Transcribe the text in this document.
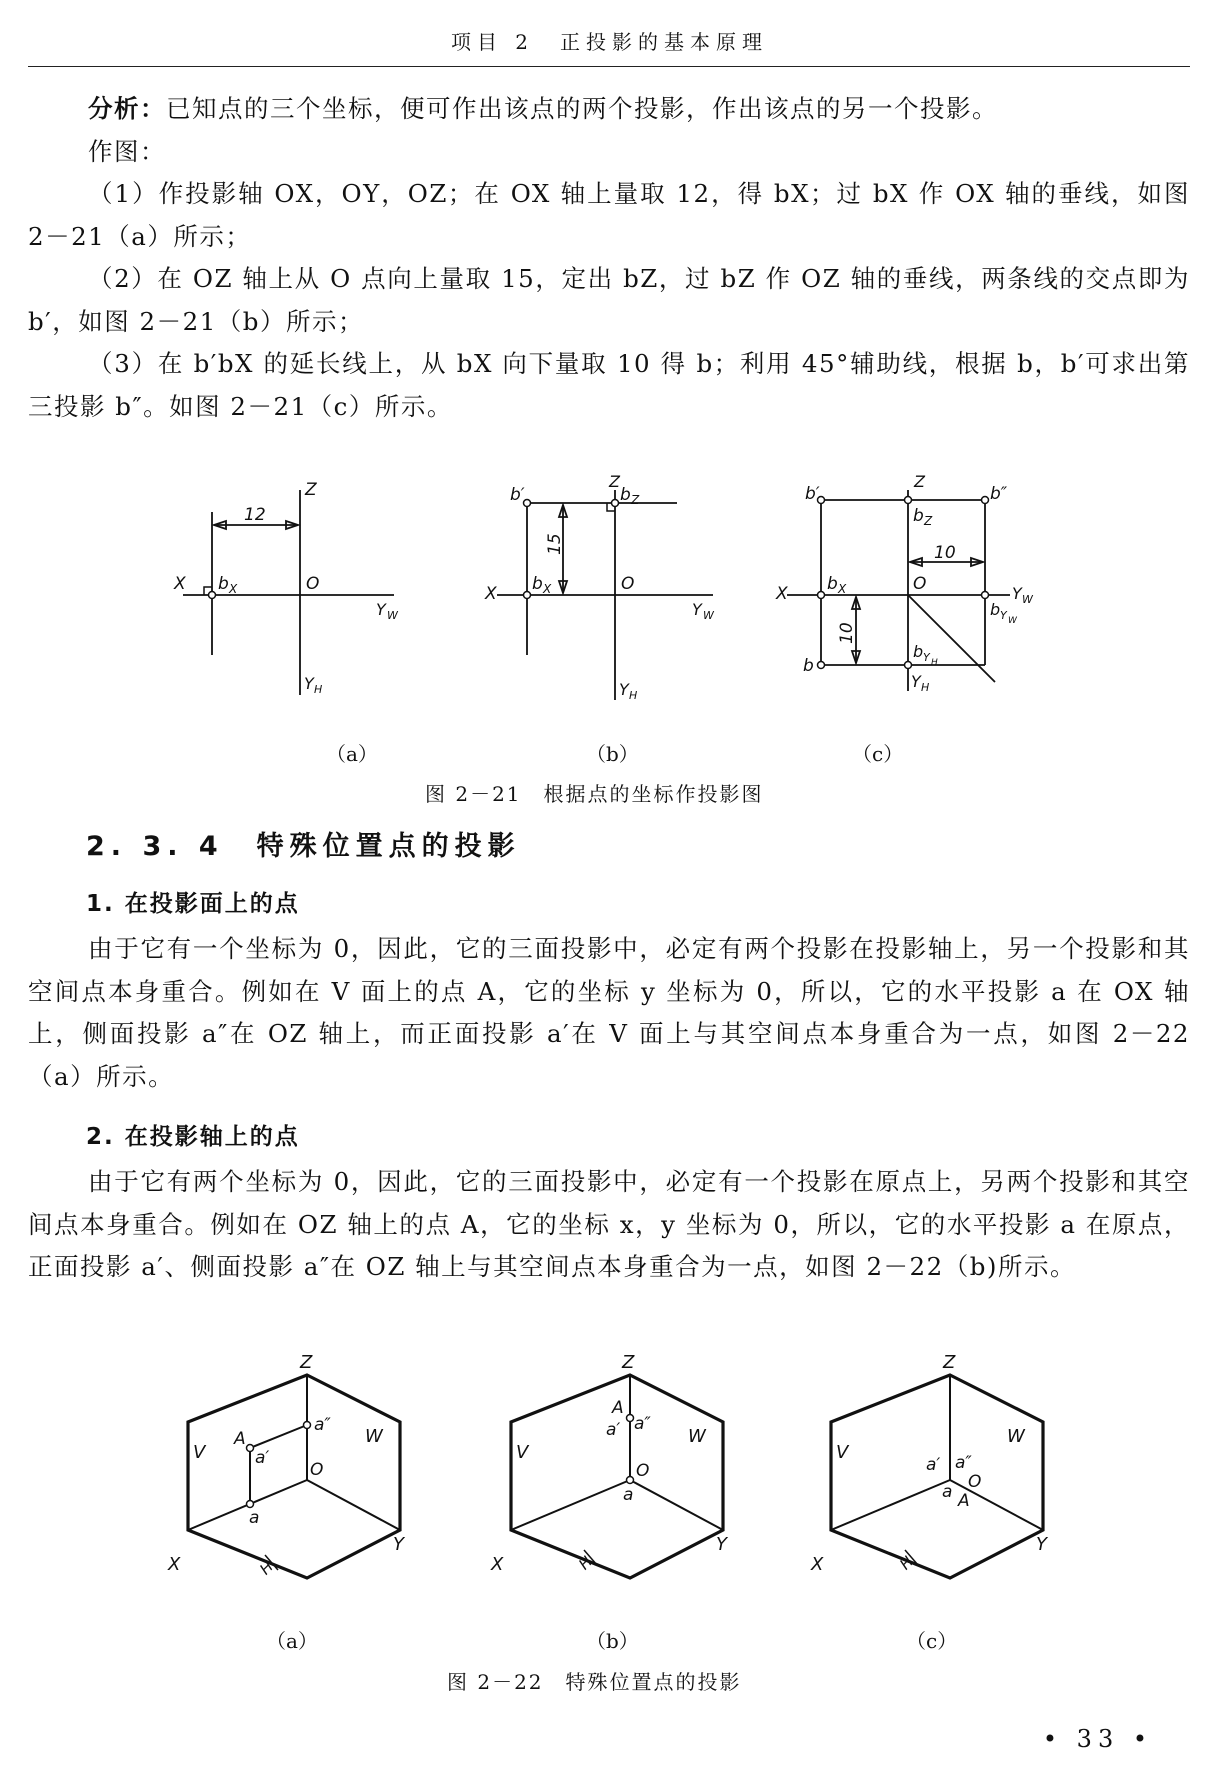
项目 2　正投影的基本原理

分析：已知点的三个坐标，便可作出该点的两个投影，作出该点的另一个投影。

作图：

（1）作投影轴 OX，OY，OZ；在 OX 轴上量取 12，得 bX；过 bX 作 OX 轴的垂线，如图 2－21（a）所示；

（2）在 OZ 轴上从 O 点向上量取 15，定出 bZ，过 bZ 作 OZ 轴的垂线，两条线的交点即为 b′，如图 2－21（b）所示；

（3）在 b′bX 的延长线上，从 bX 向下量取 10 得 b；利用 45°辅助线，根据 b，b′可求出第三投影 b″。如图 2－21（c）所示。

12
Z
X b X	O
Y W
Y H
15
Z
b Z
b′
X b X	O
Y W
Y H
10
10
Z
b′
b Z
b″
X b X	O	Y W
b Y W
b
b Y H
Y H
（a）	（b）	（c）
图 2－21　根据点的坐标作投影图
2. 3. 4　特殊位置点的投影
1. 在投影面上的点

由于它有一个坐标为 0，因此，它的三面投影中，必定有两个投影在投影轴上，另一个投影和其空间点本身重合。例如在 V 面上的点 A，它的坐标 y 坐标为 0，所以，它的水平投影 a 在 OX 轴上，侧面投影 a″在 OZ 轴上，而正面投影 a′在 V 面上与其空间点本身重合为一点，如图 2－22（a）所示。

2. 在投影轴上的点

由于它有两个坐标为 0，因此，它的三面投影中，必定有一个投影在原点上，另两个投影和其空间点本身重合。例如在 OZ 轴上的点 A，它的坐标 x，y 坐标为 0，所以，它的水平投影 a 在原点，正面投影 a′、侧面投影 a″在 OZ 轴上与其空间点本身重合为一点，如图 2－22（b)所示。

Z
V
W
A
a′
a″
O
a
X
Y
H
Z
V
W
A
a′ a″
O
a
X
Y
H
Z
V
W
a′ a″
O
a A
X
Y
H
（a）	（b）	（c）
图 2－22　特殊位置点的投影
• 33 •
